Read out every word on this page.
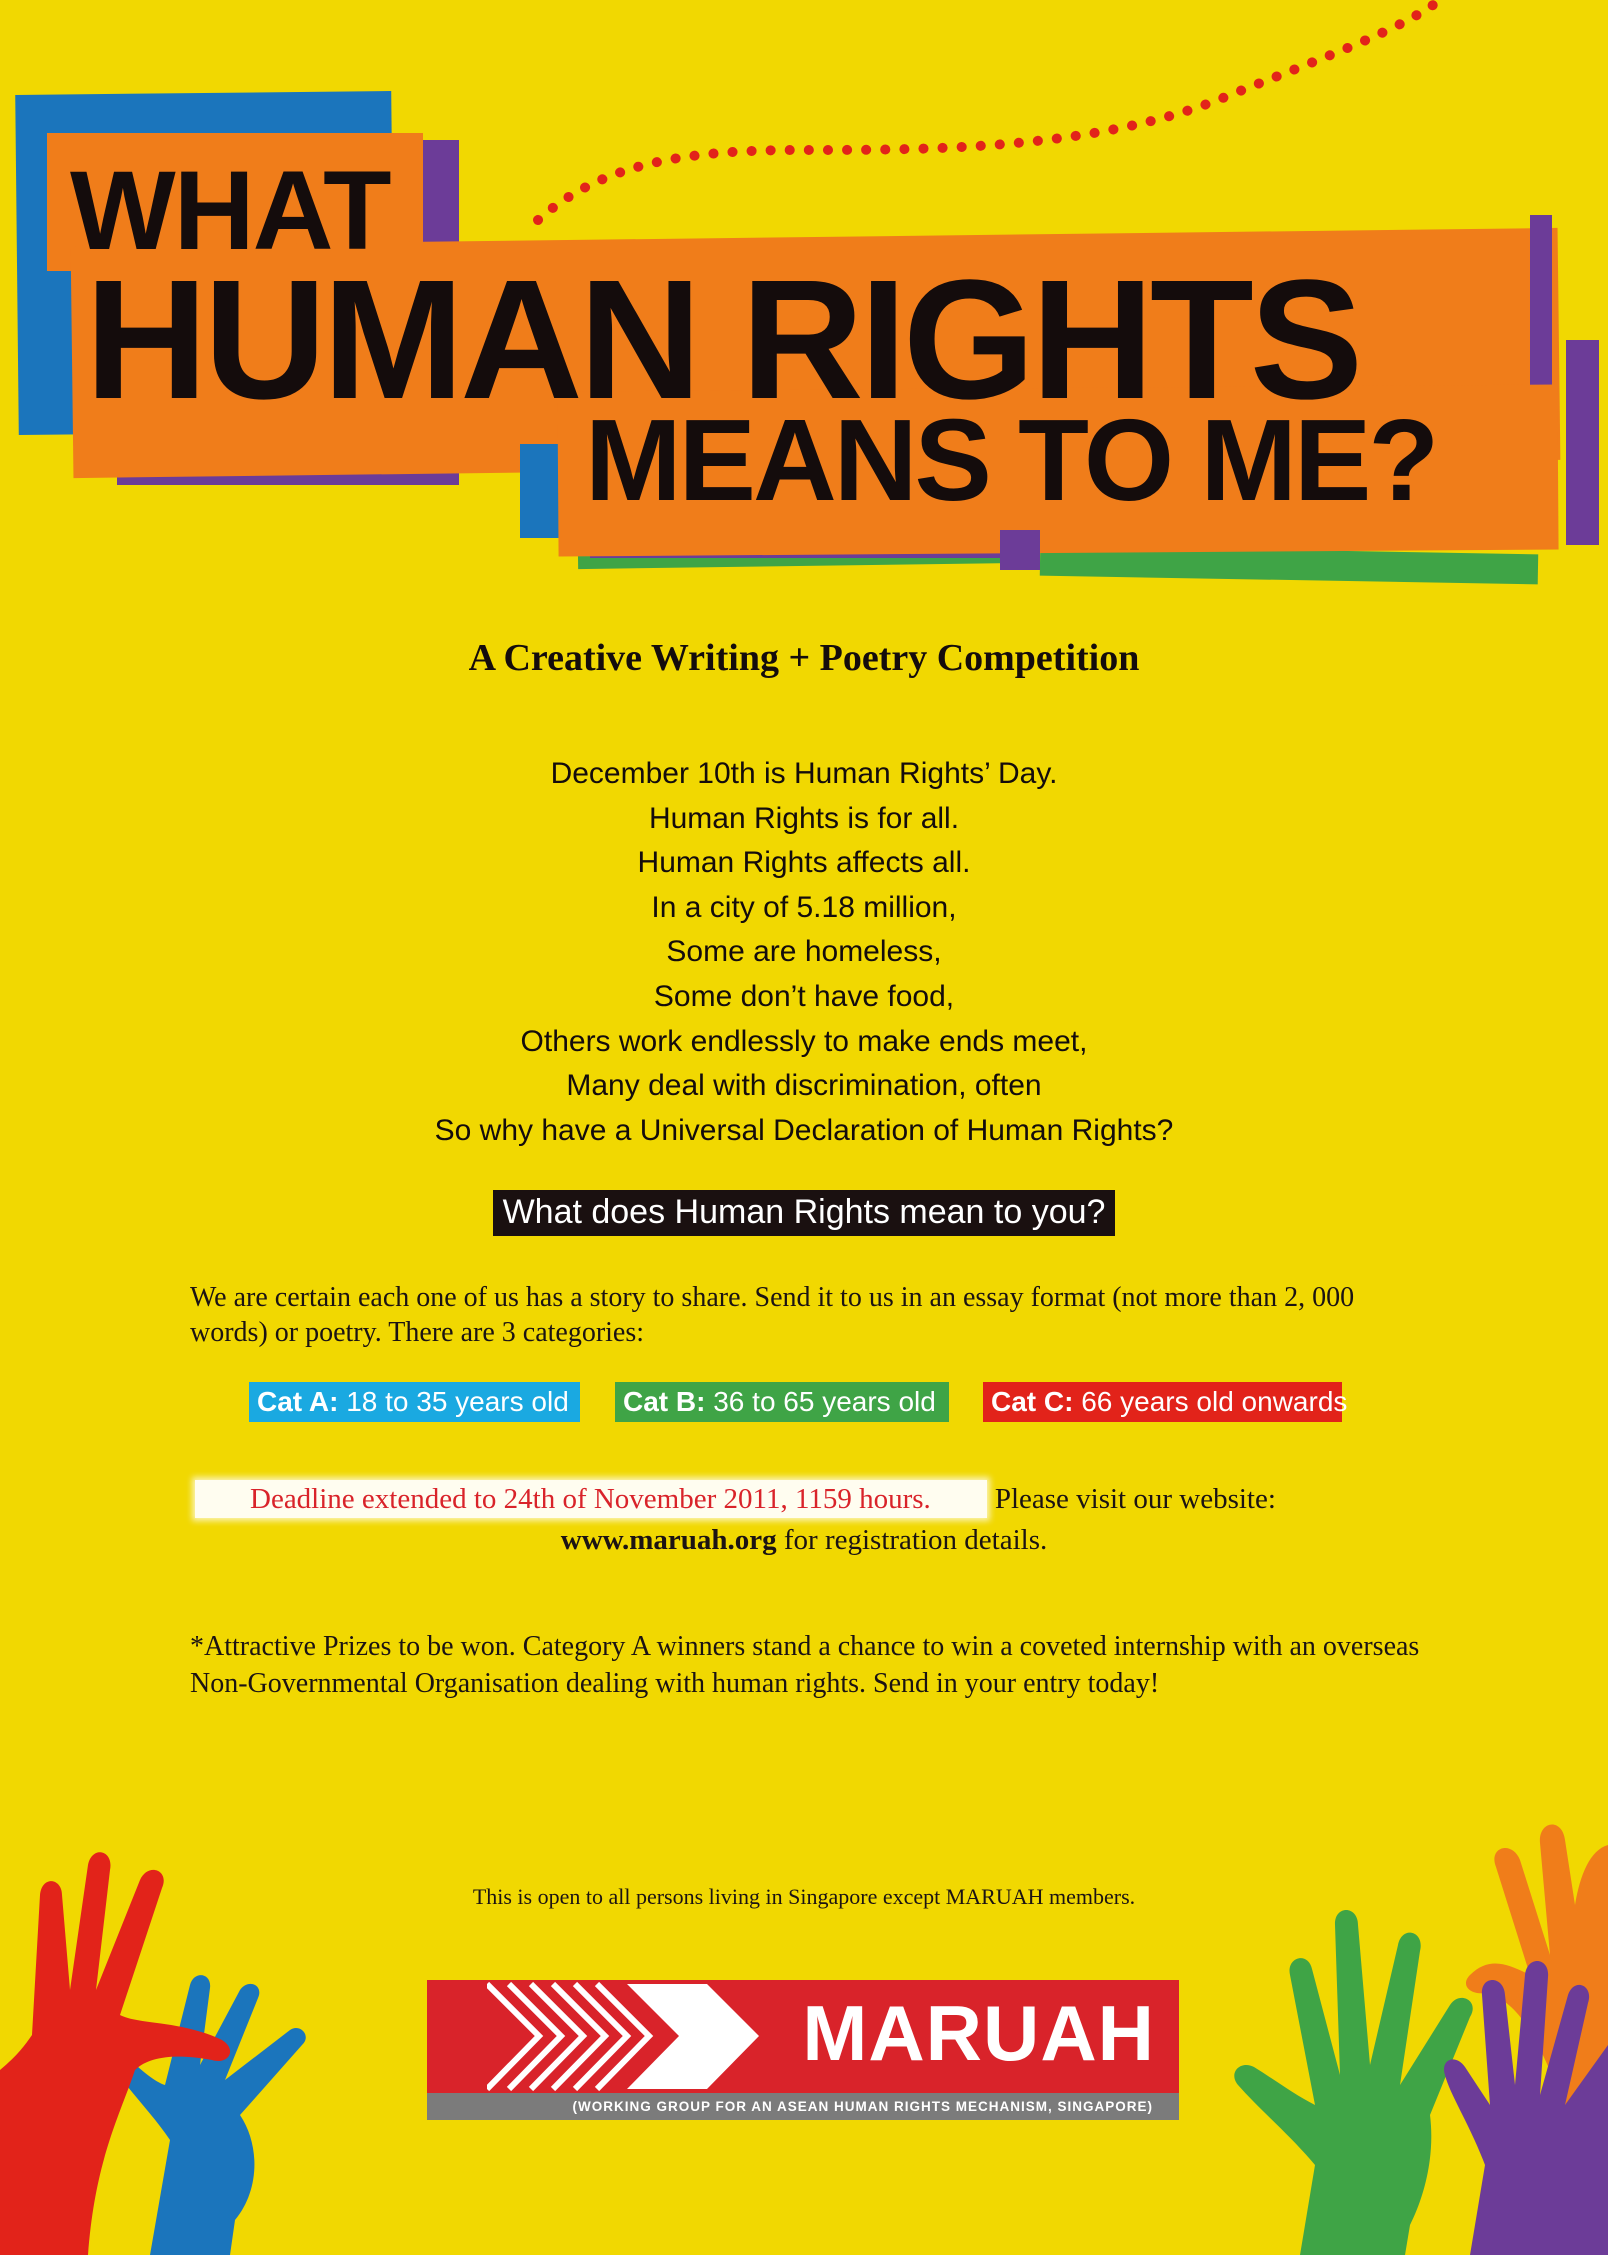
WHAT
HUMAN RIGHTS
MEANS TO ME?
A Creative Writing + Poetry Competition
December 10th is Human Rights’ Day.
Human Rights is for all.
Human Rights affects all.
In a city of 5.18 million,
Some are homeless,
Some don’t have food,
Others work endlessly to make ends meet,
Many deal with discrimination, often
So why have a Universal Declaration of Human Rights?
What does Human Rights mean to you?
We are certain each one of us has a story to share. Send it to us in an essay format (not more than 2, 000 words) or poetry. There are 3 categories:
Cat A: 18 to 35 years old	Cat B: 36 to 65 years old	Cat C: 66 years old onwards
Deadline extended to 24th of November 2011, 1159 hours. Please visit our website:
www.maruah.org for registration details.
*Attractive Prizes to be won. Category A winners stand a chance to win a coveted internship with an overseas Non-Governmental Organisation dealing with human rights. Send in your entry today!
This is open to all persons living in Singapore except MARUAH members.
MARUAH
(WORKING GROUP FOR AN ASEAN HUMAN RIGHTS MECHANISM, SINGAPORE)
